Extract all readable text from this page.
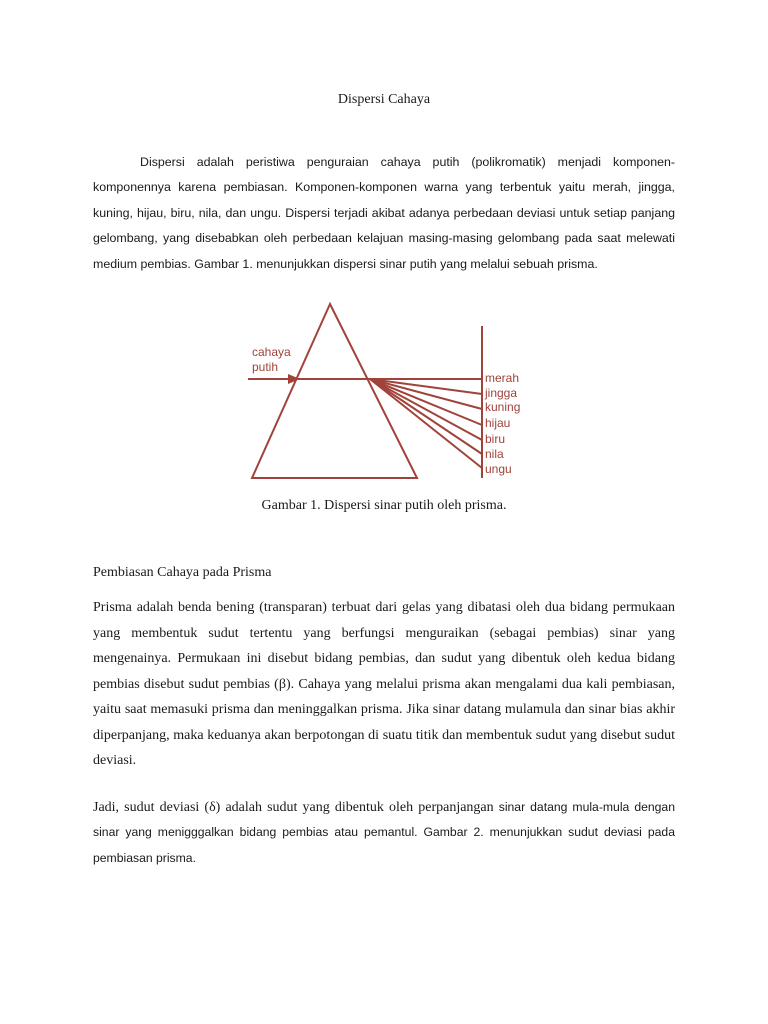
Dispersi Cahaya

Dispersi adalah peristiwa penguraian cahaya putih (polikromatik) menjadi komponen-komponennya karena pembiasan. Komponen-komponen warna yang terbentuk yaitu merah, jingga, kuning, hijau, biru, nila, dan ungu. Dispersi terjadi akibat adanya perbedaan deviasi untuk setiap panjang gelombang, yang disebabkan oleh perbedaan kelajuan masing-masing gelombang pada saat melewati medium pembias. Gambar 1. menunjukkan dispersi sinar putih yang melalui sebuah prisma.

cahaya
putih
merah
jingga
kuning
hijau
biru
nila
ungu
Gambar 1. Dispersi sinar putih oleh prisma.
Pembiasan Cahaya pada Prisma

Prisma adalah benda bening (transparan) terbuat dari gelas yang dibatasi oleh dua bidang permukaan yang membentuk sudut tertentu yang berfungsi menguraikan (sebagai pembias) sinar yang mengenainya. Permukaan ini disebut bidang pembias, dan sudut yang dibentuk oleh kedua bidang pembias disebut sudut pembias (β). Cahaya yang melalui prisma akan mengalami dua kali pembiasan, yaitu saat memasuki prisma dan meninggalkan prisma. Jika sinar datang mulamula dan sinar bias akhir diperpanjang, maka keduanya akan berpotongan di suatu titik dan membentuk sudut yang disebut sudut deviasi.

Jadi, sudut deviasi (δ) adalah sudut yang dibentuk oleh perpanjangan sinar datang mula-mula dengan sinar yang menigggalkan bidang pembias atau pemantul. Gambar 2. menunjukkan sudut deviasi pada pembiasan prisma.
